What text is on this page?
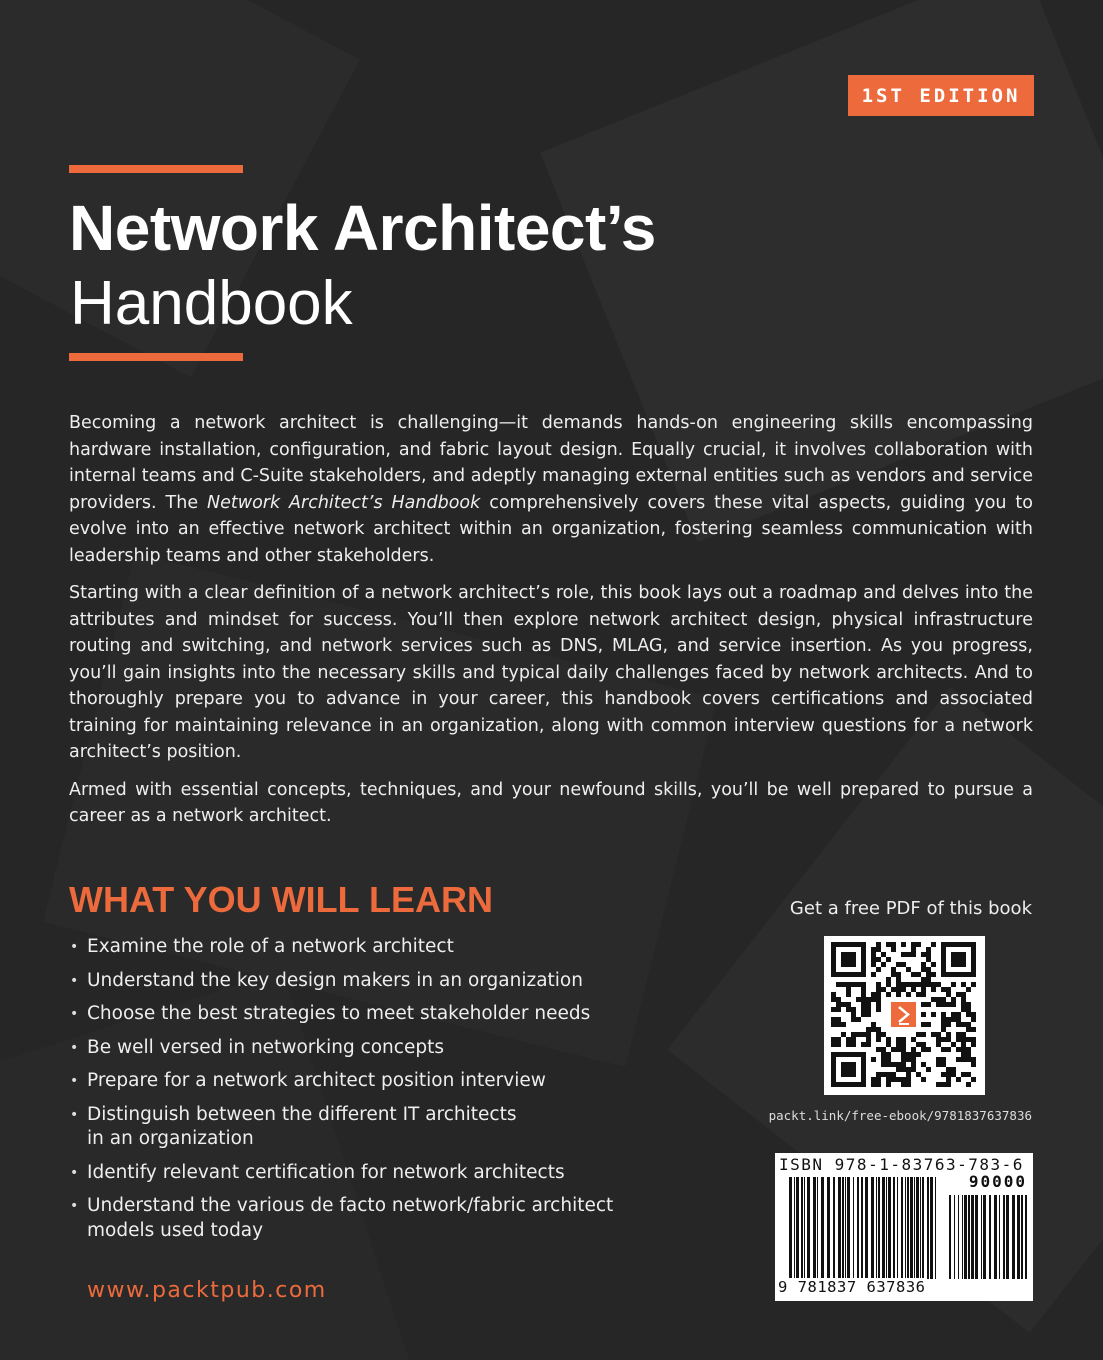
1ST EDITION
Network Architect’s
Handbook

Becoming a network architect is challenging—it demands hands-on engineering skills encompassing hardware installation, configuration, and fabric layout design. Equally crucial, it involves collaboration with internal teams and C-Suite stakeholders, and adeptly managing external entities such as vendors and service providers. The Network Architect’s Handbook comprehensively covers these vital aspects, guiding you to evolve into an effective network architect within an organization, fostering seamless communication with leadership teams and other stakeholders.

Starting with a clear definition of a network architect’s role, this book lays out a roadmap and delves into the attributes and mindset for success. You’ll then explore network architect design, physical infrastructure routing and switching, and network services such as DNS, MLAG, and service insertion. As you progress, you’ll gain insights into the necessary skills and typical daily challenges faced by network architects. And to thoroughly prepare you to advance in your career, this handbook covers certifications and associated training for maintaining relevance in an organization, along with common interview questions for a network architect’s position.

Armed with essential concepts, techniques, and your newfound skills, you’ll be well prepared to pursue a career as a network architect.

WHAT YOU WILL LEARN
• Examine the role of a network architect
• Understand the key design makers in an organization
• Choose the best strategies to meet stakeholder needs
• Be well versed in networking concepts
• Prepare for a network architect position interview
• Distinguish between the different IT architects in an organization
• Identify relevant certification for network architects
• Understand the various de facto network/fabric architect models used today
www.packtpub.com
Get a free PDF of this book
packt.link/free-ebook/9781837637836
ISBN 978-1-83763-783-6
90000
9 781837 637836
